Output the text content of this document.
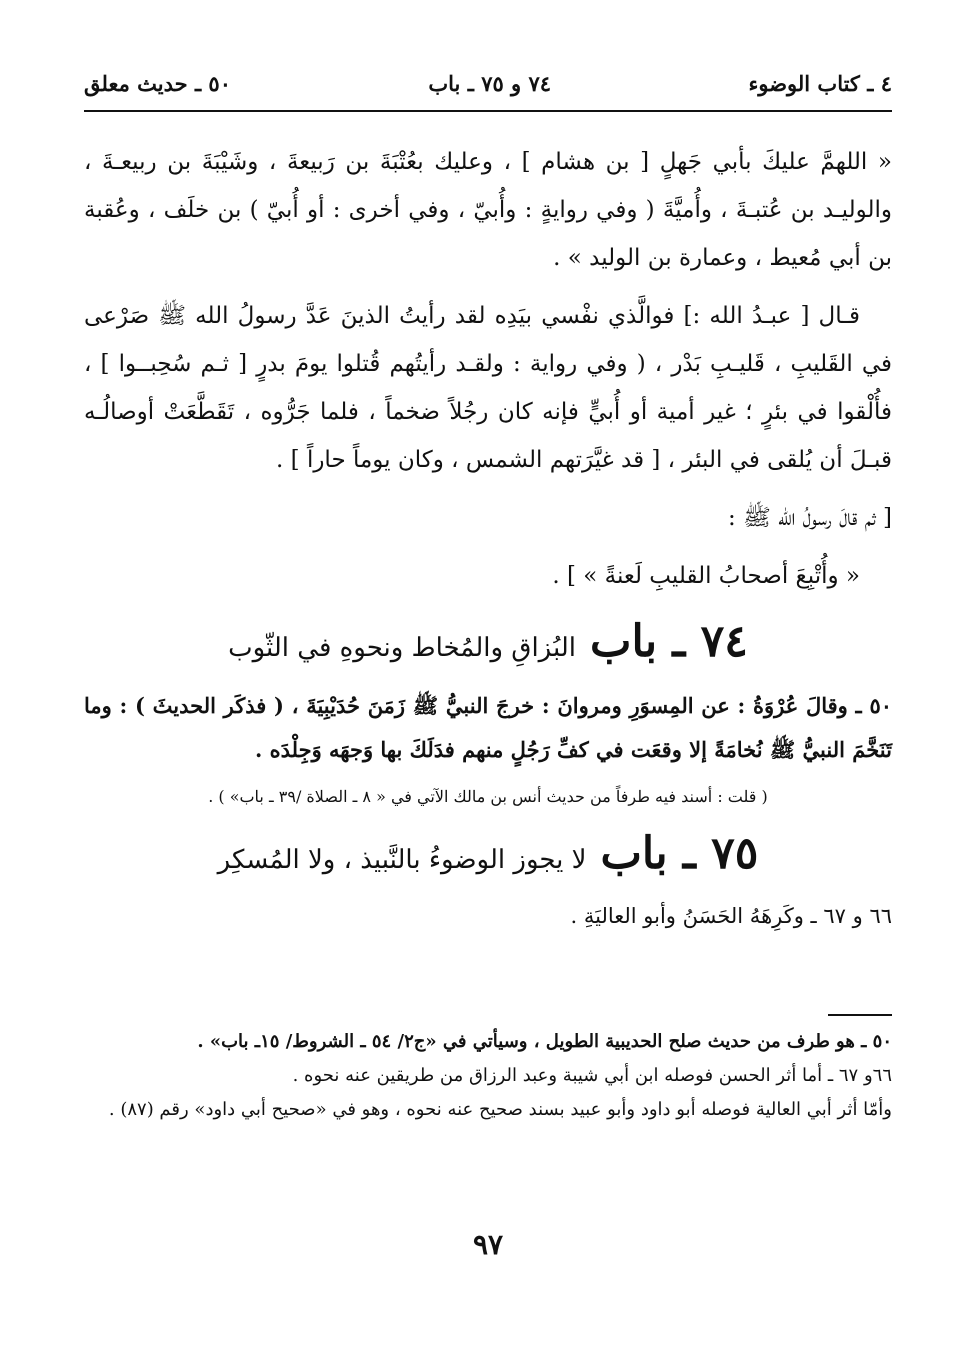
٤ ـ كتاب الوضوء
٧٤ و ٧٥ ـ باب
٥٠ ـ حديث معلق

« اللهمَّ عليكَ بأبي جَهلٍ [ بن هشام ] ، وعليك بعُتْبَةَ بن رَبيعةَ ، وشَيْبَةَ بن ربيعـةَ ، والوليـد بن عُتبـةَ ، وأُميَّةَ ( وفي روايةٍ : وأُبيّ ، وفي أخرى : أو أُبيّ ) بن خلَف ، وعُقبة بن أبي مُعيط ، وعمارة بن الوليد » .

قـال [ عبـدُ الله :] فوالَّذي نفْسي بيَدِه لقد رأيتُ الذينَ عَدَّ رسولُ الله ﷺ صَرْعى في القَليبِ ، قَليـبِ بَدْر ، ( وفي رواية : ولقـد رأيتُهم قُتلوا يومَ بدرٍ [ ثـم سُحِبــوا ] ، فأُلْقوا في بئرٍ ؛ غير أمية أو أُبيٍّ فإنه كان رجُلاً ضخماً ، فلما جَرُّوه ، تَقَطَّعَتْ أوصالُـه قبـلَ أن يُلقى في البئر ، [ قد غيَّرَتهم الشمس ، وكان يوماً حاراً ] .

[ ثم قالَ رسولُ الله ﷺ :

« وأُتْبِعَ أصحابُ القليبِ لَعنةً » ] .

٧٤ ـ باب
البُزاقِ والمُخاط ونحوهِ في الثّوب
٥٠ ـ وقالَ عُرْوَةُ : عن المِسوَرِ ومروانَ : خرجَ النبيُّ ﷺ زَمَنَ حُدَيْبِيَةَ ، ( فذكَر الحديثَ ) : وما تَنَخَّمَ النبيُّ ﷺ نُخامَةً إلا وقعَت في كفِّ رَجُلٍ منهم فدَلَكَ بها وَجهَه وَجِلْدَه .
( قلت : أسند فيه طرفاً من حديث أنس بن مالك الآتي في « ٨ ـ الصلاة /٣٩ ـ باب» ) .
٧٥ ـ باب
لا يجوز الوضوءُ بالنَّبيذ ، ولا المُسكِر
٦٦ و ٦٧ ـ وكَرِهَهُ الحَسَنُ وأبو العاليَةِ .

٥٠ ـ هو طرف من حديث صلح الحديبية الطويل ، وسيأتي في «ج٢/ ٥٤ ـ الشروط/ ١٥ـ باب» .

٦٦و ٦٧ ـ أما أثر الحسن فوصله ابن أبي شيبة وعبد الرزاق من طريقين عنه نحوه .

وأمّا أثر أبي العالية فوصله أبو داود وأبو عبيد بسند صحيح عنه نحوه ، وهو في «صحيح أبي داود» رقم (٨٧) .

٩٧
